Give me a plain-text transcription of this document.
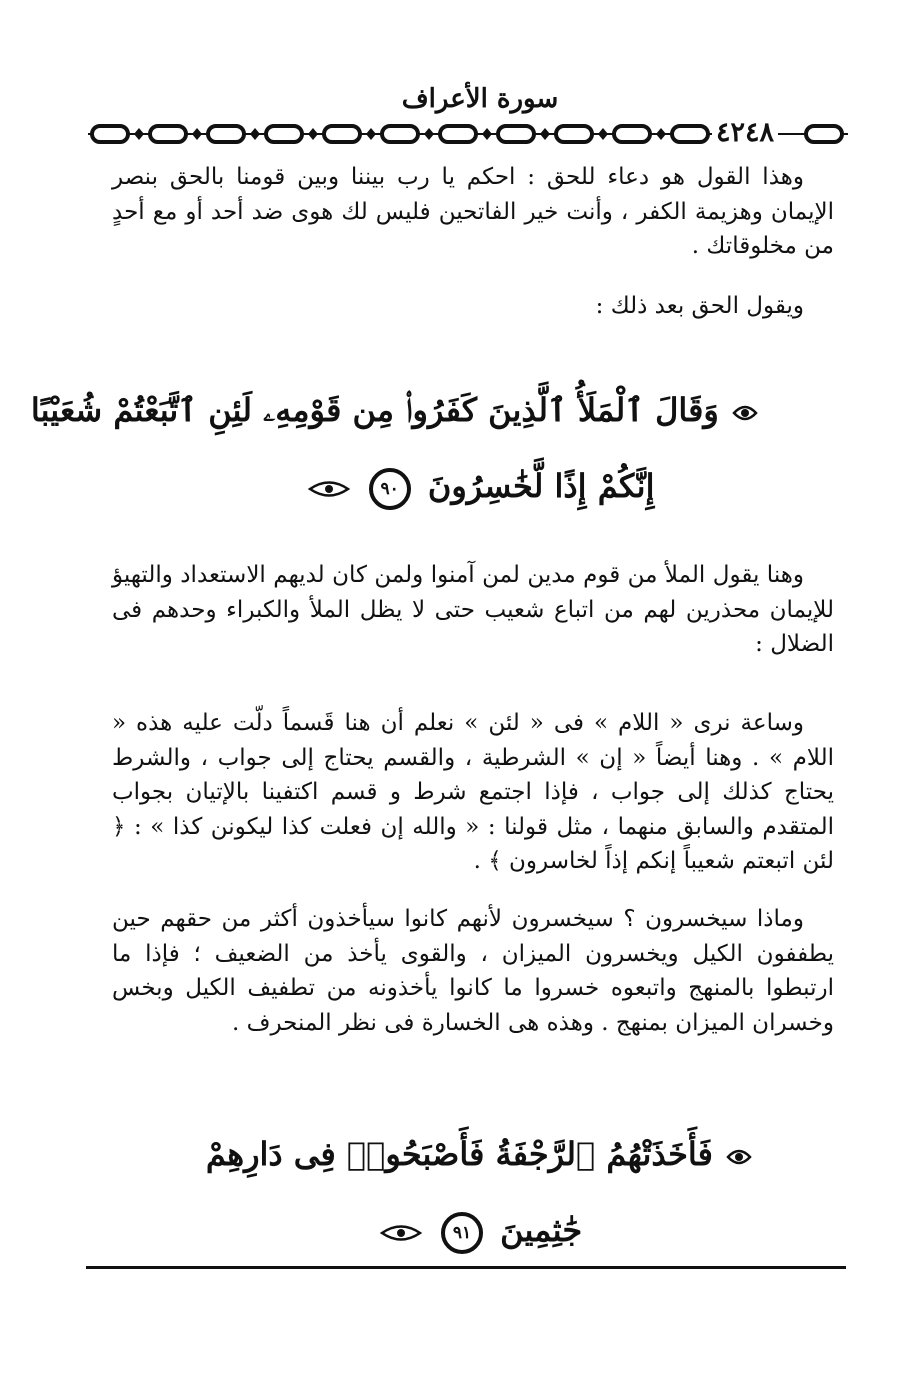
سورة الأعراف
٤٢٤٨

وهذا القول هو دعاء للحق : احكم يا رب بيننا وبين قومنا بالحق بنصر الإيمان وهزيمة الكفر ، وأنت خير الفاتحين فليس لك هوى ضد أحد أو مع أحدٍ من مخلوقاتك .

ويقول الحق بعد ذلك :

وَقَالَ ٱلْمَلَأُ ٱلَّذِينَ كَفَرُوا۟ مِن قَوْمِهِۦ لَئِنِ ٱتَّبَعْتُمْ شُعَيْبًا
إِنَّكُمْ إِذًا لَّخَٰسِرُونَ ٩٠

وهنا يقول الملأ من قوم مدين لمن آمنوا ولمن كان لديهم الاستعداد والتهيؤ للإيمان محذرين لهم من اتباع شعيب حتى لا يظل الملأ والكبراء وحدهم فى الضلال :

وساعة نرى « اللام » فى « لئن » نعلم أن هنا قَسماً دلّت عليه هذه « اللام » . وهنا أيضاً « إن » الشرطية ، والقسم يحتاج إلى جواب ، والشرط يحتاج كذلك إلى جواب ، فإذا اجتمع شرط و قسم اكتفينا بالإتيان بجواب المتقدم والسابق منهما ، مثل قولنا : « والله إن فعلت كذا ليكونن كذا » : ﴿ لئن اتبعتم شعيباً إنكم إذاً لخاسرون ﴾ .

وماذا سيخسرون ؟ سيخسرون لأنهم كانوا سيأخذون أكثر من حقهم حين يطففون الكيل ويخسرون الميزان ، والقوى يأخذ من الضعيف ؛ فإذا ما ارتبطوا بالمنهج واتبعوه خسروا ما كانوا يأخذونه من تطفيف الكيل وبخس وخسران الميزان بمنهج . وهذه هى الخسارة فى نظر المنحرف .

فَأَخَذَتْهُمُ ٱلرَّجْفَةُ فَأَصْبَحُوا۟ فِى دَارِهِمْ
جَٰثِمِينَ ٩١
